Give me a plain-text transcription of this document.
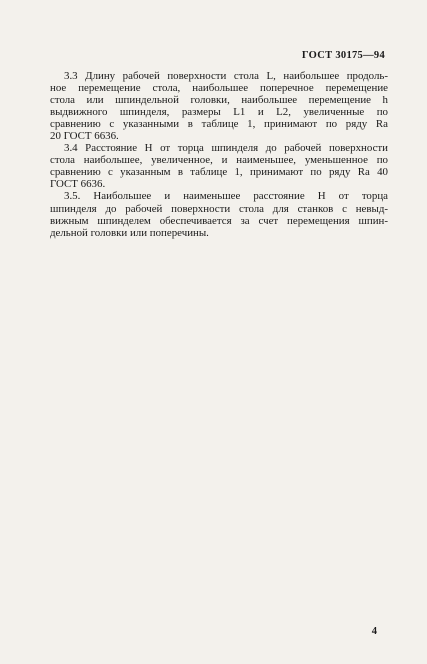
ГОСТ 30175—94
3.3 Длину рабочей поверхности стола L, наибольшее продоль-
ное перемещение стола, наибольшее поперечное перемещение
стола или шпиндельной головки, наибольшее перемещение h
выдвижного шпинделя, размеры L1 и L2, увеличенные по
сравнению с указанными в таблице 1, принимают по ряду Ra
20 ГОСТ 6636.
3.4 Расстояние H от торца шпинделя до рабочей поверхности
стола наибольшее, увеличенное, и наименьшее, уменьшенное по
сравнению с указанным в таблице 1, принимают по ряду Ra 40
ГОСТ 6636.
3.5. Наибольшее и наименьшее расстояние H от торца
шпинделя до рабочей поверхности стола для станков с невыд-
вижным шпинделем обеспечивается за счет перемещения шпин-
дельной головки или поперечины.
4
